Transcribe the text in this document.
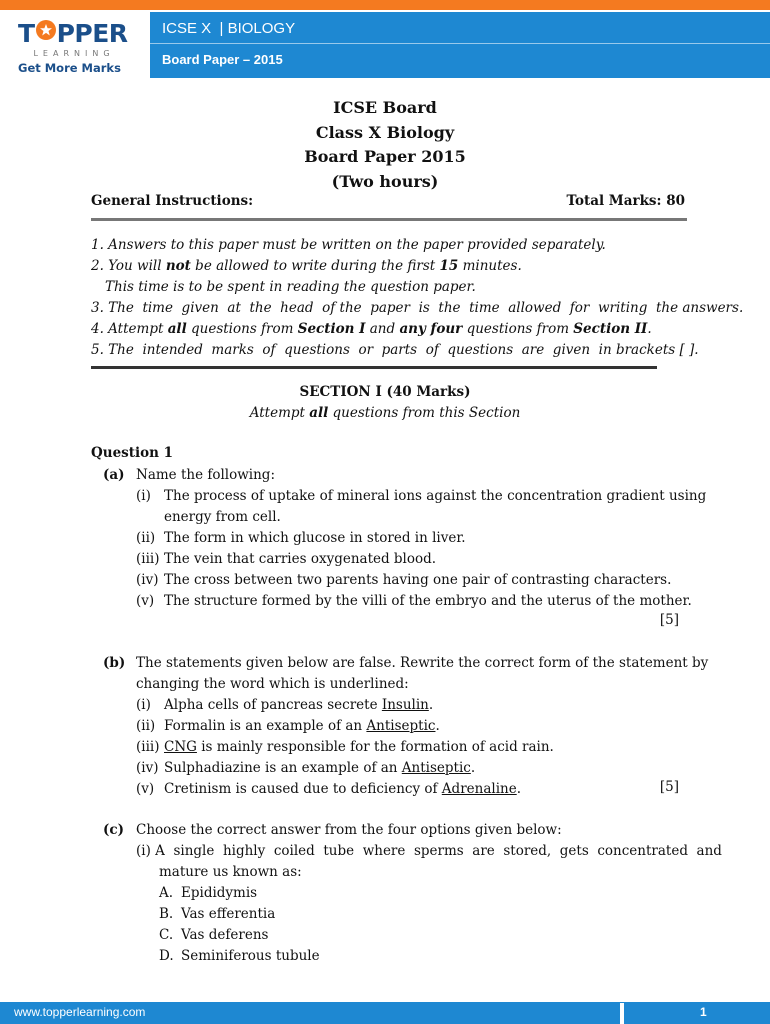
T PPER
LEARNING
Get More Marks
ICSE X  | BIOLOGY
Board Paper – 2015
ICSE Board
Class X Biology
Board Paper 2015
(Two hours)
General Instructions:	Total Marks: 80
1. Answers to this paper must be written on the paper provided separately.
2. You will not be allowed to write during the first 15 minutes.
This time is to be spent in reading the question paper.
3. The  time  given  at  the  head  of the  paper  is  the  time  allowed  for  writing  the answers.
4. Attempt all questions from Section I and any four questions from Section II.
5. The  intended  marks  of  questions  or  parts  of  questions  are  given  in brackets [ ].
SECTION I (40 Marks)
Attempt all questions from this Section
Question 1
(a) Name the following:
(i) The process of uptake of mineral ions against the concentration gradient using
energy from cell.
(ii) The form in which glucose in stored in liver.
(iii) The vein that carries oxygenated blood.
(iv) The cross between two parents having one pair of contrasting characters.
(v) The structure formed by the villi of the embryo and the uterus of the mother.
[5]
(b) The statements given below are false. Rewrite the correct form of the statement by
changing the word which is underlined:
(i) Alpha cells of pancreas secrete Insulin.
(ii) Formalin is an example of an Antiseptic.
(iii) CNG is mainly responsible for the formation of acid rain.
(iv) Sulphadiazine is an example of an Antiseptic.
(v) Cretinism is caused due to deficiency of Adrenaline.	[5]
(c) Choose the correct answer from the four options given below:
(i) A  single  highly  coiled  tube  where  sperms  are  stored,  gets  concentrated  and
mature us known as:
A. Epididymis
B. Vas efferentia
C. Vas deferens
D. Seminiferous tubule
www.topperlearning.com	1
